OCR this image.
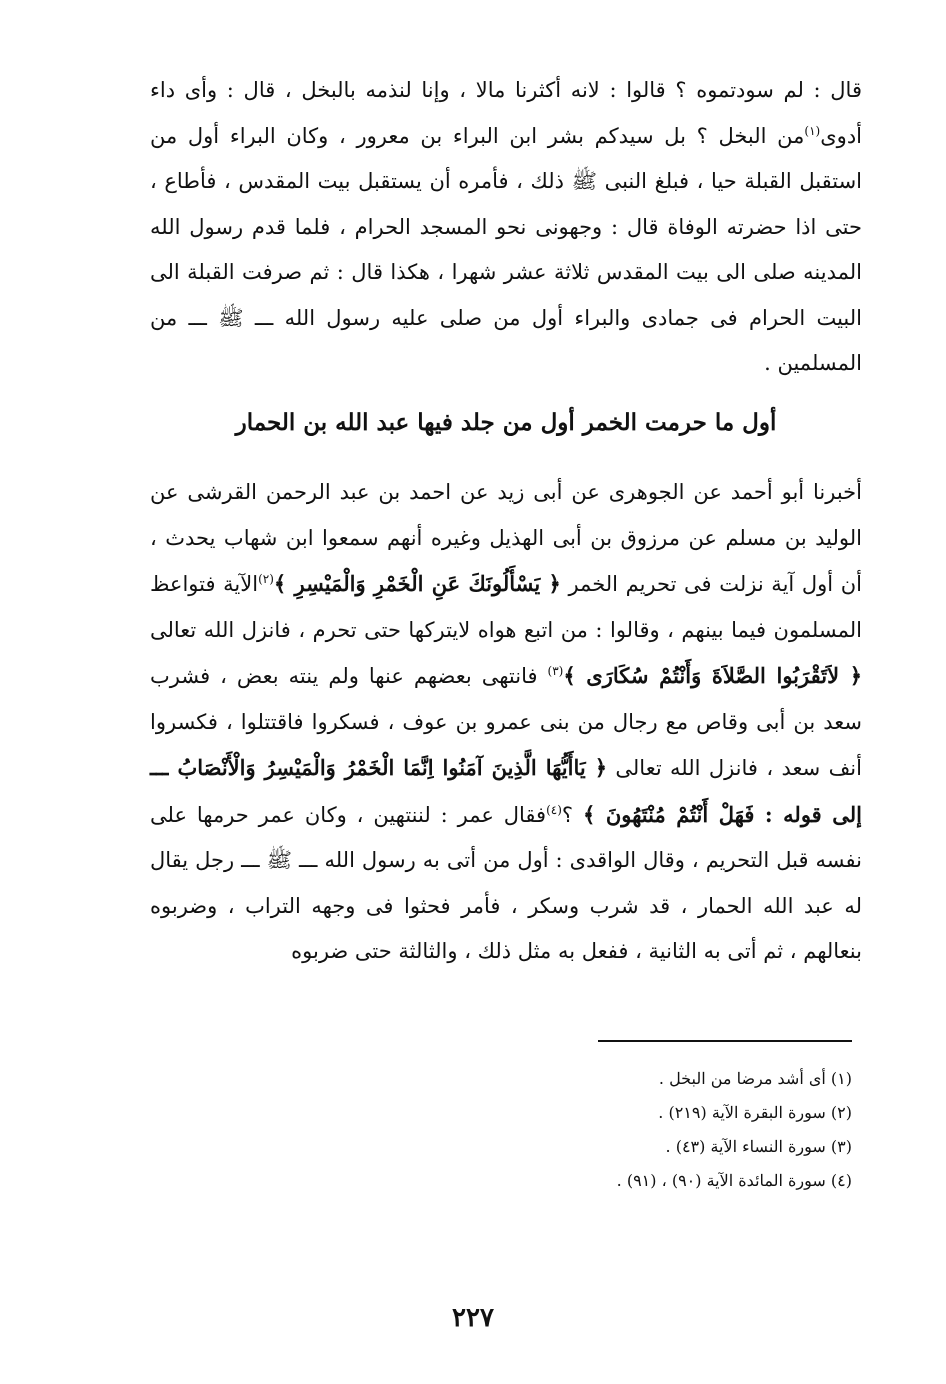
قال : لم سودتموه ؟ قالوا : لانه أكثرنا مالا ، وإنا لنذمه بالبخل ، قال : وأى داء أدوى$^{(١)}$من البخل ؟ بل سيدكم بشر ابن البراء بن معرور ، وكان البراء أول من استقبل القبلة حيا ، فبلغ النبى ﷺ ذلك ، فأمره أن يستقبل بيت المقدس ، فأطاع ، حتى اذا حضرته الوفاة قال : وجهونى نحو المسجد الحرام ، فلما قدم رسول الله المدينه صلى الى بيت المقدس ثلاثة عشر شهرا ، هكذا قال : ثم صرفت القبلة الى البيت الحرام فى جمادى والبراء أول من صلى عليه رسول الله ـــ ﷺ ـــ من المسلمين .

أول ما حرمت الخمر أول من جلد فيها عبد الله بن الحمار

أخبرنا أبو أحمد عن الجوهرى عن أبى زيد عن احمد بن عبد الرحمن القرشى عن الوليد بن مسلم عن مرزوق بن أبى الهذيل وغيره أنهم سمعوا ابن شهاب يحدث ، أن أول آية نزلت فى تحريم الخمر ﴿ يَسْأَلُونَكَ عَنِ الْخَمْرِ وَالْمَيْسِرِ ﴾$^{(٢)}$الآية فتواعظ المسلمون فيما بينهم ، وقالوا : من اتبع هواه لايتركها حتى تحرم ، فانزل الله تعالى ﴿ لاَتَقْرَبُوا الصَّلاَةَ وَأَنْتُمْ سُكَارَى ﴾$^{(٣)}$ فانتهى بعضهم عنها ولم ينته بعض ، فشرب سعد بن أبى وقاص مع رجال من بنى عمرو بن عوف ، فسكروا فاقتتلوا ، فكسروا أنف سعد ، فانزل الله تعالى ﴿ يَاأَيُّهَا الَّذِينَ آمَنُوا اِنَّمَا الْخَمْرُ وَالْمَيْسِرُ وَالْأَنْصَابُ ـــ إلى قوله : فَهَلْ أَنْتُمْ مُنْتَهُونَ ﴾ ؟$^{(٤)}$فقال عمر : لننتهين ، وكان عمر حرمها على نفسه قبل التحريم ، وقال الواقدى : أول من أتى به رسول الله ـــ ﷺ ـــ رجل يقال له عبد الله الحمار ، قد شرب وسكر ، فأمر فحثوا فى وجهه التراب ، وضربوه بنعالهم ، ثم أتى به الثانية ، ففعل به مثل ذلك ، والثالثة حتى ضربوه

(١) أى أشد مرضا من البخل .
(٢) سورة البقرة الآية (٢١٩) .
(٣) سورة النساء الآية (٤٣) .
(٤) سورة المائدة الآية (٩٠) ، (٩١) .
٢٢٧
